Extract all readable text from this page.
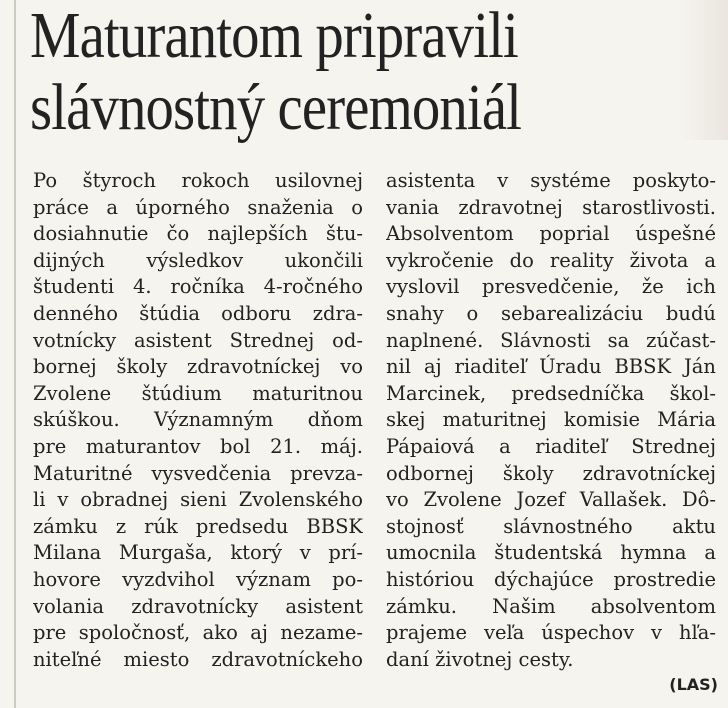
Maturantom pripravili
slávnostný ceremoniál
Po štyroch rokoch usilovnej
práce a úporného snaženia o
dosiahnutie čo najlepších štu-
dijných výsledkov ukončili
študenti 4. ročníka 4-ročného
denného štúdia odboru zdra-
votnícky asistent Strednej od-
bornej školy zdravotníckej vo
Zvolene štúdium maturitnou
skúškou. Významným dňom
pre maturantov bol 21. máj.
Maturitné vysvedčenia prevza-
li v obradnej sieni Zvolenského
zámku z rúk predsedu BBSK
Milana Murgaša, ktorý v prí-
hovore vyzdvihol význam po-
volania zdravotnícky asistent
pre spoločnosť, ako aj nezame-
niteľné miesto zdravotníckeho
asistenta v systéme poskyto-
vania zdravotnej starostlivosti.
Absolventom poprial úspešné
vykročenie do reality života a
vyslovil presvedčenie, že ich
snahy o sebarealizáciu budú
naplnené. Slávnosti sa zúčast-
nil aj riaditeľ Úradu BBSK Ján
Marcinek, predsedníčka škol-
skej maturitnej komisie Mária
Pápaiová a riaditeľ Strednej
odbornej školy zdravotníckej
vo Zvolene Jozef Vallašek. Dô-
stojnosť slávnostného aktu
umocnila študentská hymna a
históriou dýchajúce prostredie
zámku. Našim absolventom
prajeme veľa úspechov v hľa-
daní životnej cesty.
(LAS)
